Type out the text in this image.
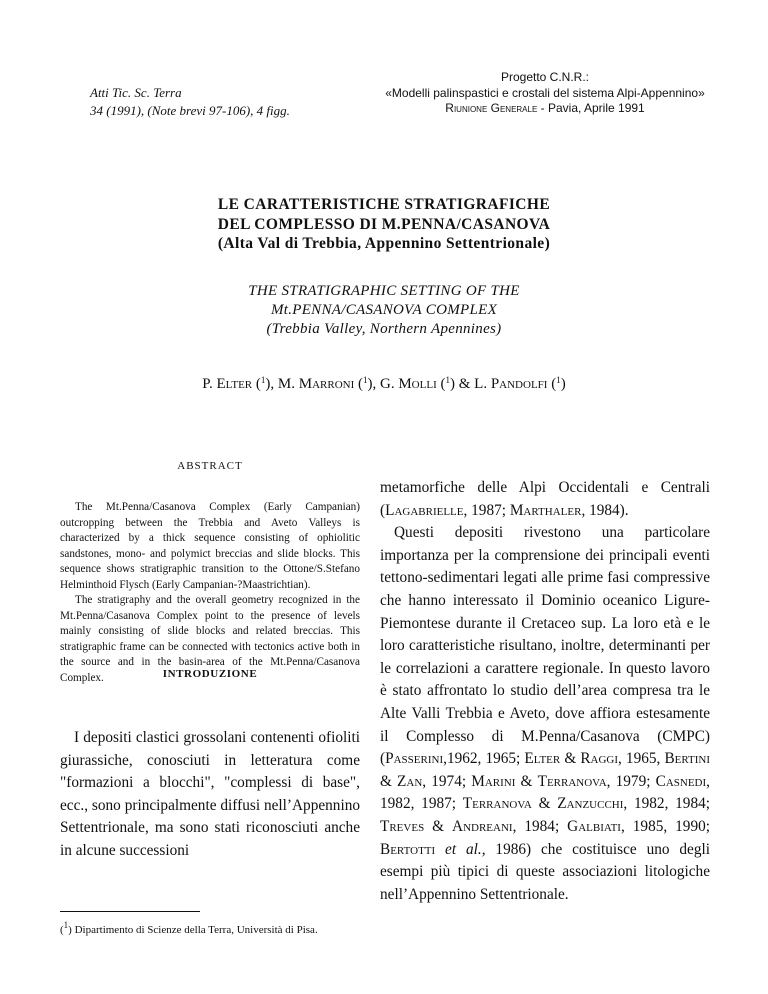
Atti Tic. Sc. Terra
34 (1991), (Note brevi 97-106), 4 figg.
Progetto C.N.R.:
«Modelli palinspastici e crostali del sistema Alpi-Appennino»
Riunione Generale - Pavia, Aprile 1991
LE CARATTERISTICHE STRATIGRAFICHE
DEL COMPLESSO DI M.PENNA/CASANOVA
(Alta Val di Trebbia, Appennino Settentrionale)
THE STRATIGRAPHIC SETTING OF THE
Mt.PENNA/CASANOVA COMPLEX
(Trebbia Valley, Northern Apennines)
P. Elter ($^1$), M. Marroni ($^1$), G. Molli ($^1$) & L. Pandolfi ($^1$)
ABSTRACT

The Mt.Penna/Casanova Complex (Early Campanian) outcropping between the Trebbia and Aveto Valleys is characterized by a thick sequence consisting of ophiolitic sandstones, mono- and polymict breccias and slide blocks. This sequence shows stratigraphic transition to the Ottone/S.Stefano Helminthoid Flysch (Early Campanian-?Maastrichtian).

The stratigraphy and the overall geometry recognized in the Mt.Penna/Casanova Complex point to the presence of levels mainly consisting of slide blocks and related breccias. This stratigraphic frame can be connected with tectonics active both in the source and in the basin-area of the Mt.Penna/Casanova Complex.	INTRODUZIONE

I depositi clastici grossolani contenenti ofioliti giurassiche, conosciuti in letteratura come "formazioni a blocchi", "complessi di base", ecc., sono principalmente diffusi nell’Appennino Settentrionale, ma sono stati riconosciuti anche in alcune successioni

metamorfiche delle Alpi Occidentali e Centrali (Lagabrielle, 1987; Marthaler, 1984).

Questi depositi rivestono una particolare importanza per la comprensione dei principali eventi tettono-sedimentari legati alle prime fasi compressive che hanno interessato il Dominio oceanico Ligure-Piemontese durante il Cretaceo sup. La loro età e le loro caratteristiche risultano, inoltre, determinanti per le correlazioni a carattere regionale. In questo lavoro è stato affrontato lo studio dell’area compresa tra le Alte Valli Trebbia e Aveto, dove affiora estesamente il Complesso di M.Penna/Casanova (CMPC) (Passerini,1962, 1965; Elter & Raggi, 1965, Bertini & Zan, 1974; Marini & Terranova, 1979; Casnedi, 1982, 1987; Terranova & Zanzucchi, 1982, 1984; Treves & Andreani, 1984; Galbiati, 1985, 1990; Bertotti et al., 1986) che costituisce uno degli esempi più tipici di queste associazioni litologiche nell’Appennino Settentrionale.

($^1$) Dipartimento di Scienze della Terra, Università di Pisa.
